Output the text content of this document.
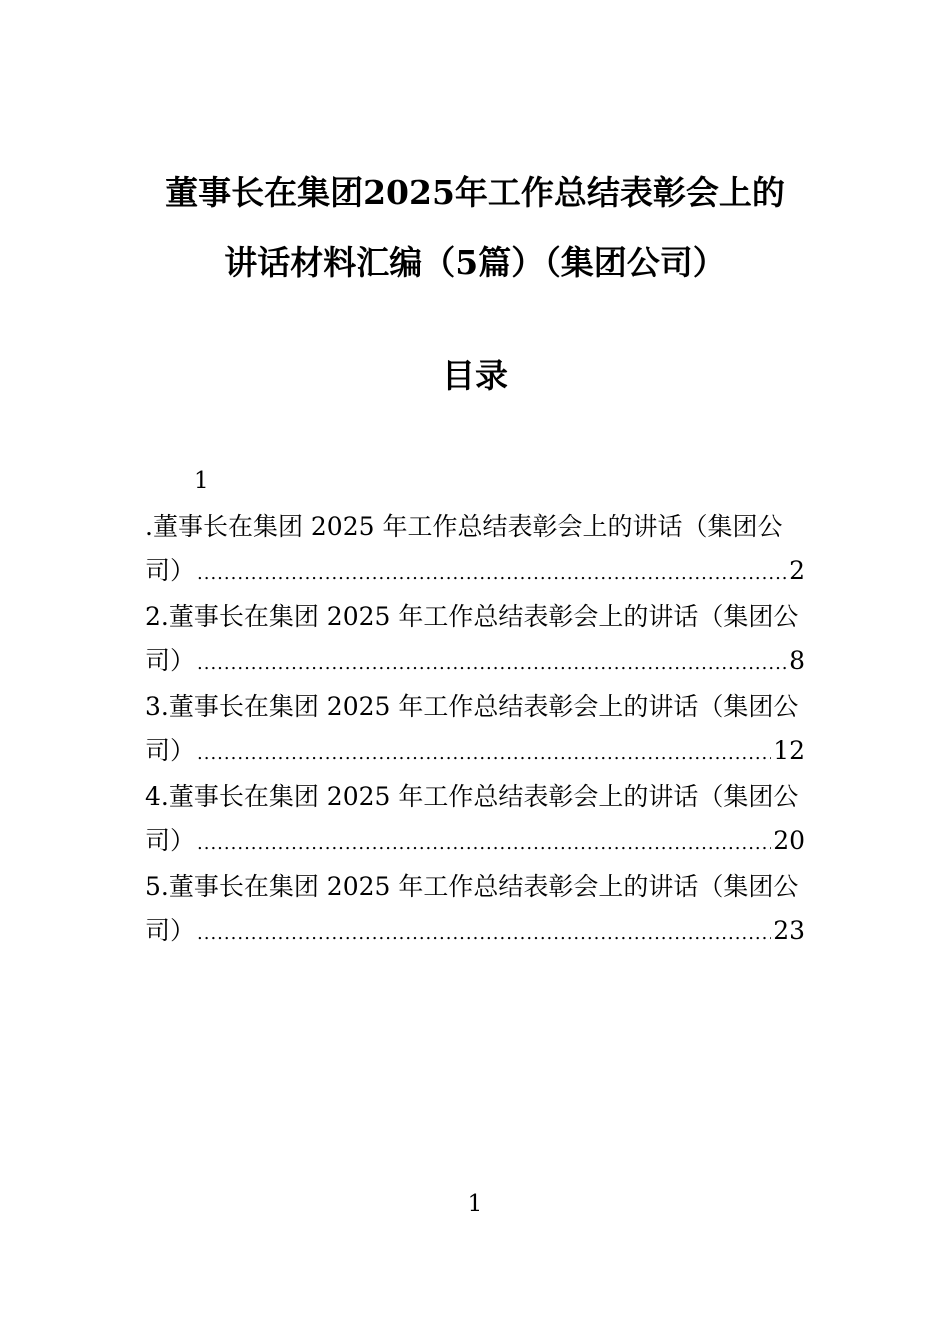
董事长在集团2025年工作总结表彰会上的
讲话材料汇编（5篇）（集团公司）
目录
1
.董事长在集团 2025 年工作总结表彰会上的讲话（集团公
司） .....	2
2.董事长在集团 2025 年工作总结表彰会上的讲话（集团公
司） .....	8
3.董事长在集团 2025 年工作总结表彰会上的讲话（集团公
司） .....	12
4.董事长在集团 2025 年工作总结表彰会上的讲话（集团公
司） .....	20
5.董事长在集团 2025 年工作总结表彰会上的讲话（集团公
司） .....	23
1
